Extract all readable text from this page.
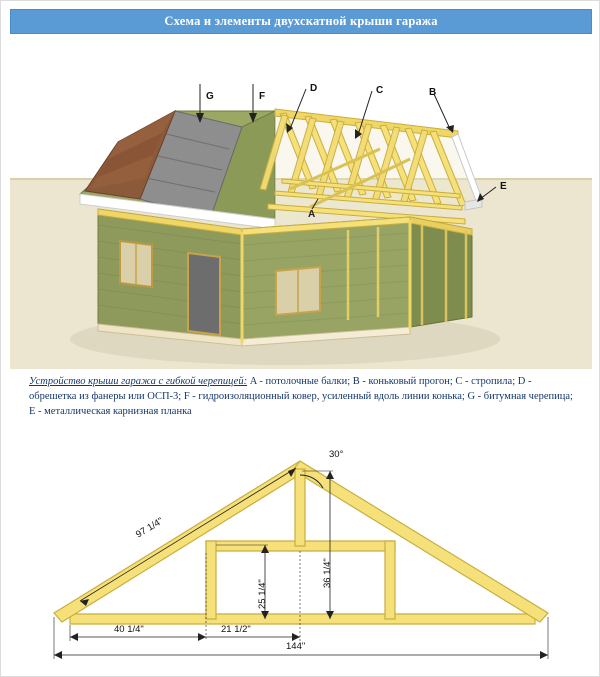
Схема и элементы двухскатной крыши гаража
A
G	F
D	C	B
E
Устройство крыши гаража с гибкой черепицей: A - потолочные балки; B - коньковый прогон; C - стропила; D - обрешетка из фанеры или ОСП-3; F - гидроизоляционный ковер, усиленный вдоль линии конька; G - битумная черепица; E - металлическая карнизная планка
30°
97 1/4"
25 1/4"
36 1/4"
40 1/4"	21 1/2"
144"
